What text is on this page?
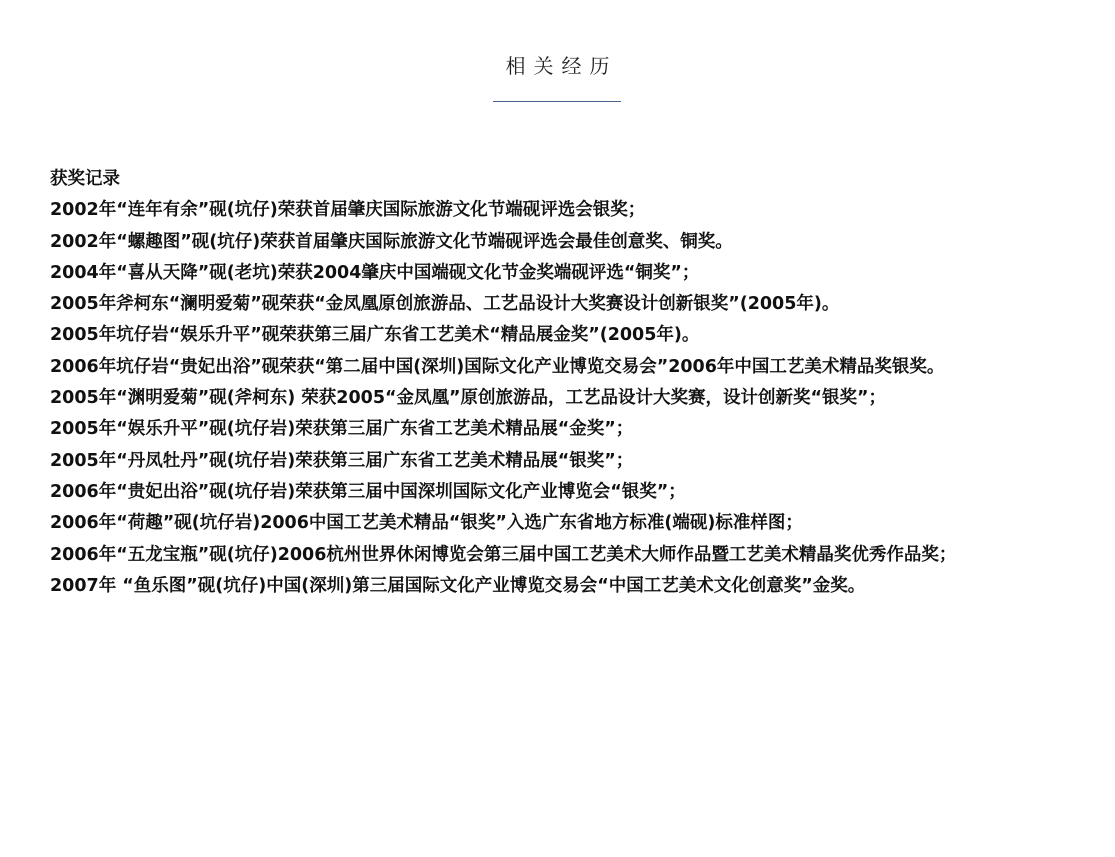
相关经历
获奖记录
2002年“连年有余”砚(坑仔)荣获首届肇庆国际旅游文化节端砚评选会银奖；
2002年“螺趣图”砚(坑仔)荣获首届肇庆国际旅游文化节端砚评选会最佳创意奖、铜奖。
2004年“喜从天降”砚(老坑)荣获2004肇庆中国端砚文化节金奖端砚评选“铜奖”；
2005年斧柯东“澜明爱菊”砚荣获“金凤凰原创旅游品、工艺品设计大奖赛设计创新银奖”(2005年)。
2005年坑仔岩“娱乐升平”砚荣获第三届广东省工艺美术“精品展金奖”(2005年)。
2006年坑仔岩“贵妃出浴”砚荣获“第二届中国(深圳)国际文化产业博览交易会”2006年中国工艺美术精品奖银奖。
2005年“渊明爱菊”砚(斧柯东) 荣获2005“金凤凰”原创旅游品，工艺品设计大奖赛，设计创新奖“银奖”；
2005年“娱乐升平”砚(坑仔岩)荣获第三届广东省工艺美术精品展“金奖”；
2005年“丹凤牡丹”砚(坑仔岩)荣获第三届广东省工艺美术精品展“银奖”；
2006年“贵妃出浴”砚(坑仔岩)荣获第三届中国深圳国际文化产业博览会“银奖”；
2006年“荷趣”砚(坑仔岩)2006中国工艺美术精品“银奖”入选广东省地方标准(端砚)标准样图；
2006年“五龙宝瓶”砚(坑仔)2006杭州世界休闲博览会第三届中国工艺美术大师作品暨工艺美术精晶奖优秀作品奖；
2007年 “鱼乐图”砚(坑仔)中国(深圳)第三届国际文化产业博览交易会“中国工艺美术文化创意奖”金奖。
